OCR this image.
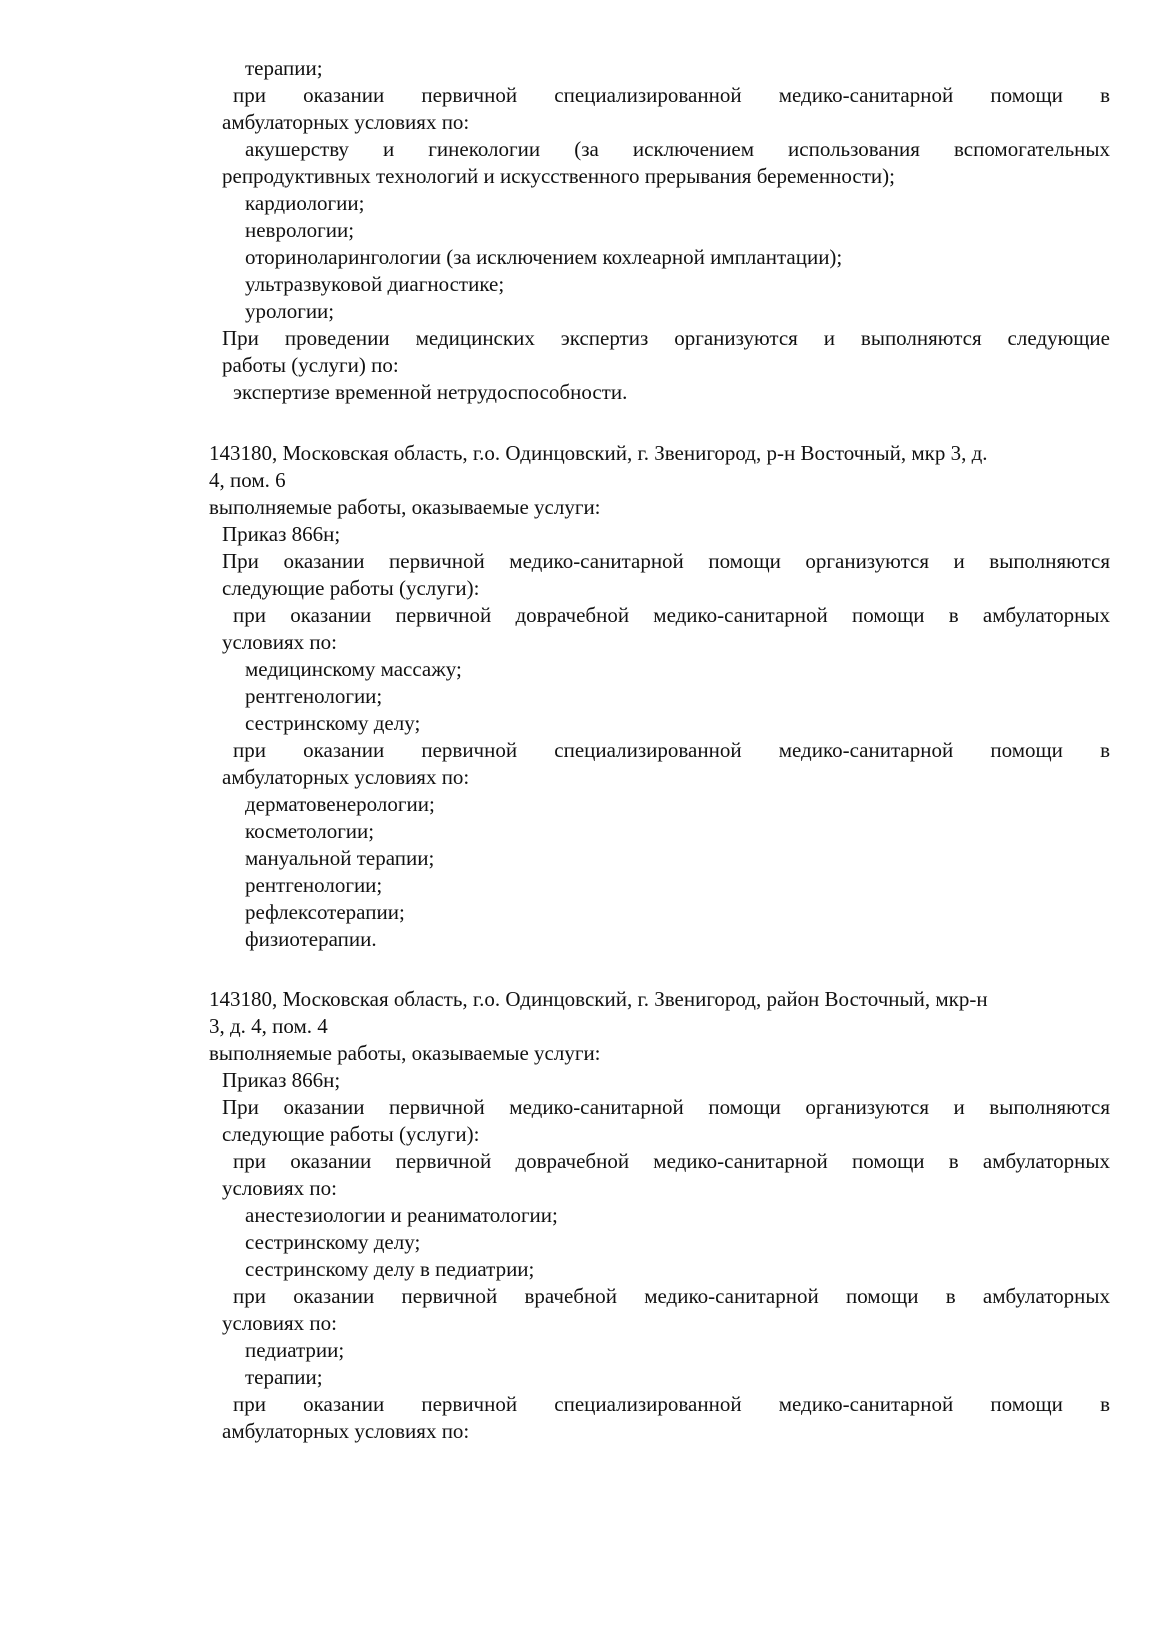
терапии;
при оказании первичной специализированной медико-санитарной помощи в
амбулаторных условиях по:
акушерству и гинекологии (за исключением использования вспомогательных
репродуктивных технологий и искусственного прерывания беременности);
кардиологии;
неврологии;
оториноларингологии (за исключением кохлеарной имплантации);
ультразвуковой диагностике;
урологии;
При проведении медицинских экспертиз организуются и выполняются следующие
работы (услуги) по:
экспертизе временной нетрудоспособности.
143180, Московская область, г.о. Одинцовский, г. Звенигород, р-н Восточный, мкр 3, д.
4, пом. 6
выполняемые работы, оказываемые услуги:
Приказ 866н;
При оказании первичной медико-санитарной помощи организуются и выполняются
следующие работы (услуги):
при оказании первичной доврачебной медико-санитарной помощи в амбулаторных
условиях по:
медицинскому массажу;
рентгенологии;
сестринскому делу;
при оказании первичной специализированной медико-санитарной помощи в
амбулаторных условиях по:
дерматовенерологии;
косметологии;
мануальной терапии;
рентгенологии;
рефлексотерапии;
физиотерапии.
143180, Московская область, г.о. Одинцовский, г. Звенигород, район Восточный, мкр-н
3, д. 4, пом. 4
выполняемые работы, оказываемые услуги:
Приказ 866н;
При оказании первичной медико-санитарной помощи организуются и выполняются
следующие работы (услуги):
при оказании первичной доврачебной медико-санитарной помощи в амбулаторных
условиях по:
анестезиологии и реаниматологии;
сестринскому делу;
сестринскому делу в педиатрии;
при оказании первичной врачебной медико-санитарной помощи в амбулаторных
условиях по:
педиатрии;
терапии;
при оказании первичной специализированной медико-санитарной помощи в
амбулаторных условиях по:
